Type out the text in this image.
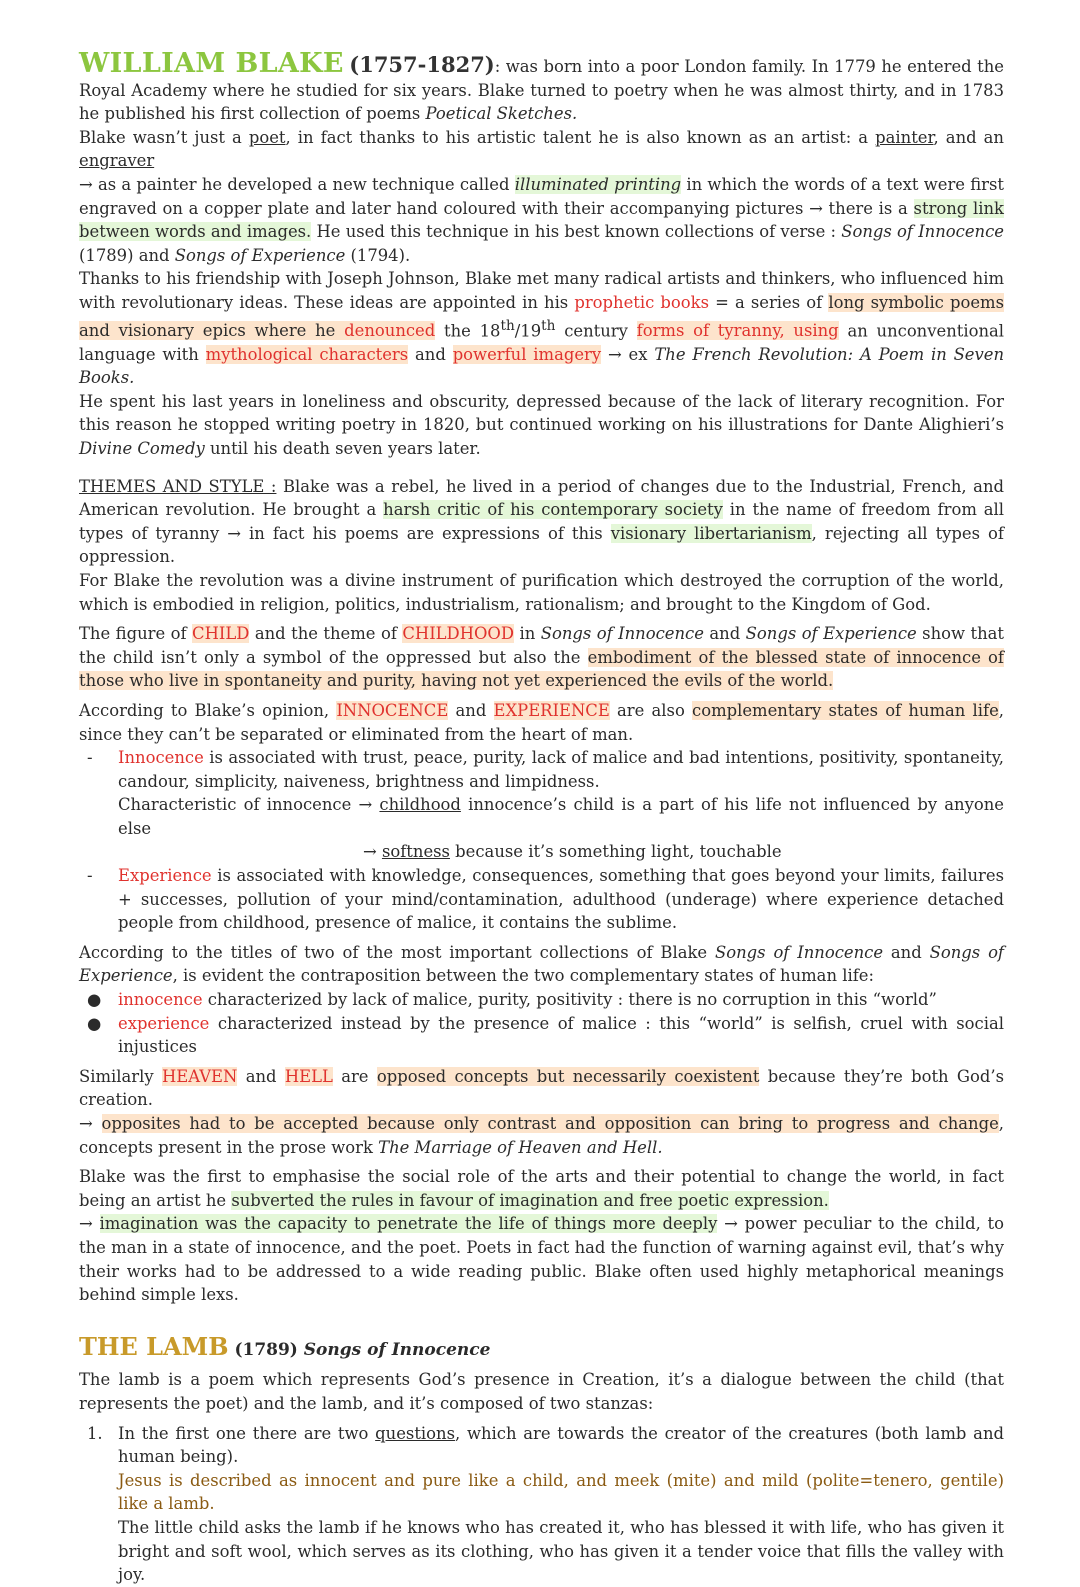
WILLIAM BLAKE (1757-1827): was born into a poor London family. In 1779 he entered the Royal Academy where he studied for six years. Blake turned to poetry when he was almost thirty, and in 1783 he published his first collection of poems Poetical Sketches.

Blake wasn’t just a poet, in fact thanks to his artistic talent he is also known as an artist: a painter, and an engraver

→ as a painter he developed a new technique called illuminated printing in which the words of a text were first engraved on a copper plate and later hand coloured with their accompanying pictures → there is a strong link between words and images. He used this technique in his best known collections of verse : Songs of Innocence (1789) and Songs of Experience (1794).

Thanks to his friendship with Joseph Johnson, Blake met many radical artists and thinkers, who influenced him with revolutionary ideas. These ideas are appointed in his prophetic books = a series of long symbolic poems and visionary epics where he denounced the 18th/19th century forms of tyranny, using an unconventional language with mythological characters and powerful imagery → ex The French Revolution: A Poem in Seven Books.

He spent his last years in loneliness and obscurity, depressed because of the lack of literary recognition. For this reason he stopped writing poetry in 1820, but continued working on his illustrations for Dante Alighieri’s Divine Comedy until his death seven years later.

THEMES AND STYLE : Blake was a rebel, he lived in a period of changes due to the Industrial, French, and American revolution. He brought a harsh critic of his contemporary society in the name of freedom from all types of tyranny → in fact his poems are expressions of this visionary libertarianism, rejecting all types of oppression.

For Blake the revolution was a divine instrument of purification which destroyed the corruption of the world, which is embodied in religion, politics, industrialism, rationalism; and brought to the Kingdom of God.

The figure of CHILD and the theme of CHILDHOOD in Songs of Innocence and Songs of Experience show that the child isn’t only a symbol of the oppressed but also the embodiment of the blessed state of innocence of those who live in spontaneity and purity, having not yet experienced the evils of the world.

According to Blake’s opinion, INNOCENCE and EXPERIENCE are also complementary states of human life, since they can’t be separated or eliminated from the heart of man.

- Innocence is associated with trust, peace, purity, lack of malice and bad intentions, positivity, spontaneity, candour, simplicity, naiveness, brightness and limpidness.
Characteristic of innocence → childhood innocence’s child is a part of his life not influenced by anyone else
→ softness because it’s something light, touchable
- Experience is associated with knowledge, consequences, something that goes beyond your limits, failures + successes, pollution of your mind/contamination, adulthood (underage) where experience detached people from childhood, presence of malice, it contains the sublime.

According to the titles of two of the most important collections of Blake Songs of Innocence and Songs of Experience, is evident the contraposition between the two complementary states of human life:

● innocence characterized by lack of malice, purity, positivity : there is no corruption in this “world”
● experience characterized instead by the presence of malice : this “world” is selfish, cruel with social injustices

Similarly HEAVEN and HELL are opposed concepts but necessarily coexistent because they’re both God’s creation.
→ opposites had to be accepted because only contrast and opposition can bring to progress and change, concepts present in the prose work The Marriage of Heaven and Hell.

Blake was the first to emphasise the social role of the arts and their potential to change the world, in fact being an artist he subverted the rules in favour of imagination and free poetic expression.
→ imagination was the capacity to penetrate the life of things more deeply → power peculiar to the child, to the man in a state of innocence, and the poet. Poets in fact had the function of warning against evil, that’s why their works had to be addressed to a wide reading public. Blake often used highly metaphorical meanings behind simple lexs.

THE LAMB (1789) Songs of Innocence

The lamb is a poem which represents God’s presence in Creation, it’s a dialogue between the child (that represents the poet) and the lamb, and it’s composed of two stanzas:

1. In the first one there are two questions, which are towards the creator of the creatures (both lamb and human being).
Jesus is described as innocent and pure like a child, and meek (mite) and mild (polite=tenero, gentile) like a lamb.
The little child asks the lamb if he knows who has created it, who has blessed it with life, who has given it bright and soft wool, which serves as its clothing, who has given it a tender voice that fills the valley with joy.
